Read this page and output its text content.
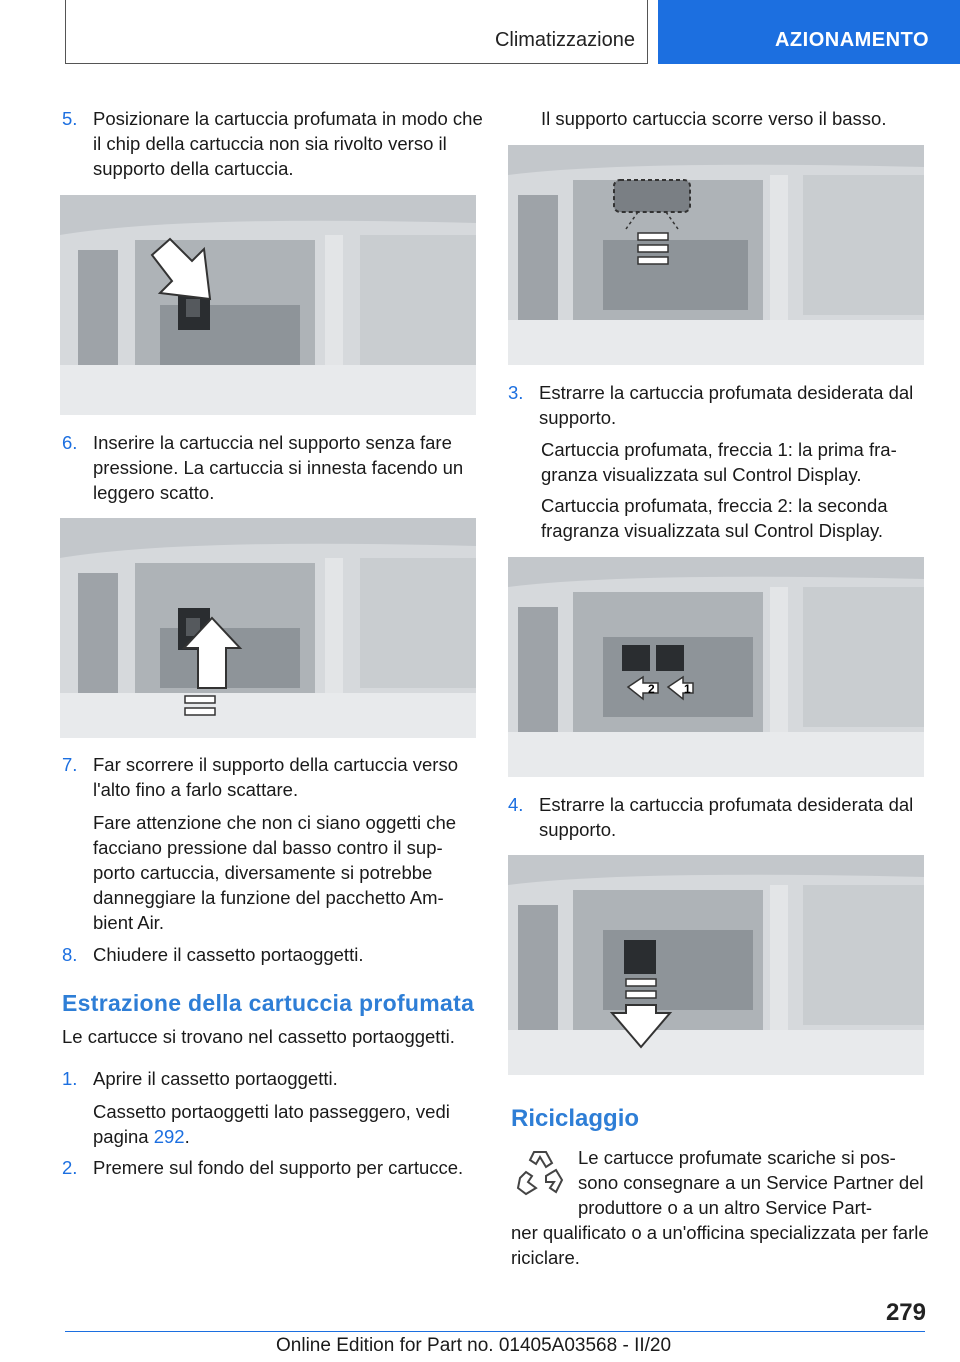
Climatizzazione	AZIONAMENTO
5. Posizionare la cartuccia profumata in modo che il chip della cartuccia non sia rivolto verso il supporto della cartuccia.
6. Inserire la cartuccia nel supporto senza fare pressione. La cartuccia si innesta facendo un leggero scatto.
7. Far scorrere il supporto della cartuccia verso l'alto fino a farlo scattare.
Fare attenzione che non ci siano oggetti che facciano pressione dal basso contro il sup‐porto cartuccia, diversamente si potrebbe danneggiare la funzione del pacchetto Am‐bient Air.
8. Chiudere il cassetto portaoggetti.
Estrazione della cartuccia profumata
Le cartucce si trovano nel cassetto portaoggetti.
1. Aprire il cassetto portaoggetti.
Cassetto portaoggetti lato passeggero, vedi pagina 292.
2. Premere sul fondo del supporto per cartucce.
Il supporto cartuccia scorre verso il basso.
3. Estrarre la cartuccia profumata desiderata dal supporto.
Cartuccia profumata, freccia 1: la prima fra‐granza visualizzata sul Control Display.
Cartuccia profumata, freccia 2: la seconda fragranza visualizzata sul Control Display.
2 1
4. Estrarre la cartuccia profumata desiderata dal supporto.
Riciclaggio
Le cartucce profumate scariche si pos‐sono consegnare a un Service Partner del produttore o a un altro Service Part‐
ner qualificato o a un'officina specializzata per farle riciclare.
279
Online Edition for Part no. 01405A03568 - II/20
